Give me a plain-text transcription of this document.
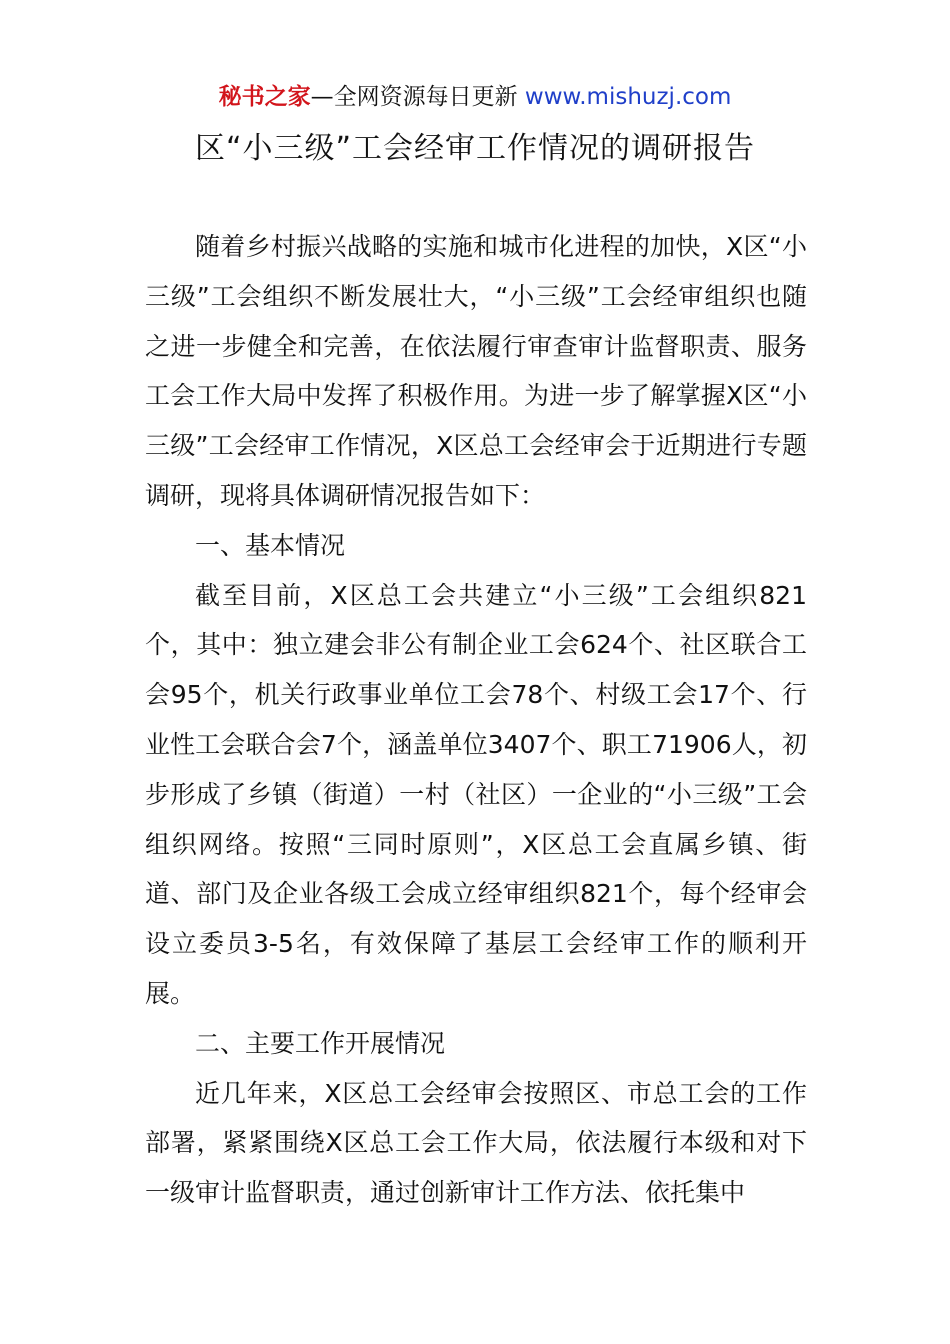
秘书之家—全网资源每日更新 www.mishuzj.com
区“小三级”工会经审工作情况的调研报告

随着乡村振兴战略的实施和城市化进程的加快，X区“小三级”工会组织不断发展壮大，“小三级”工会经审组织也随之进一步健全和完善，在依法履行审查审计监督职责、服务工会工作大局中发挥了积极作用。为进一步了解掌握X区“小三级”工会经审工作情况，X区总工会经审会于近期进行专题调研，现将具体调研情况报告如下：

一、基本情况

截至目前，X区总工会共建立“小三级”工会组织821个，其中：独立建会非公有制企业工会624个、社区联合工会95个，机关行政事业单位工会78个、村级工会17个、行业性工会联合会7个，涵盖单位3407个、职工71906人，初步形成了乡镇（街道）一村（社区）一企业的“小三级”工会组织网络。按照“三同时原则”，X区总工会直属乡镇、街道、部门及企业各级工会成立经审组织821个，每个经审会设立委员3-5名，有效保障了基层工会经审工作的顺利开展。

二、主要工作开展情况

近几年来，X区总工会经审会按照区、市总工会的工作部署，紧紧围绕X区总工会工作大局，依法履行本级和对下一级审计监督职责，通过创新审计工作方法、依托集中
